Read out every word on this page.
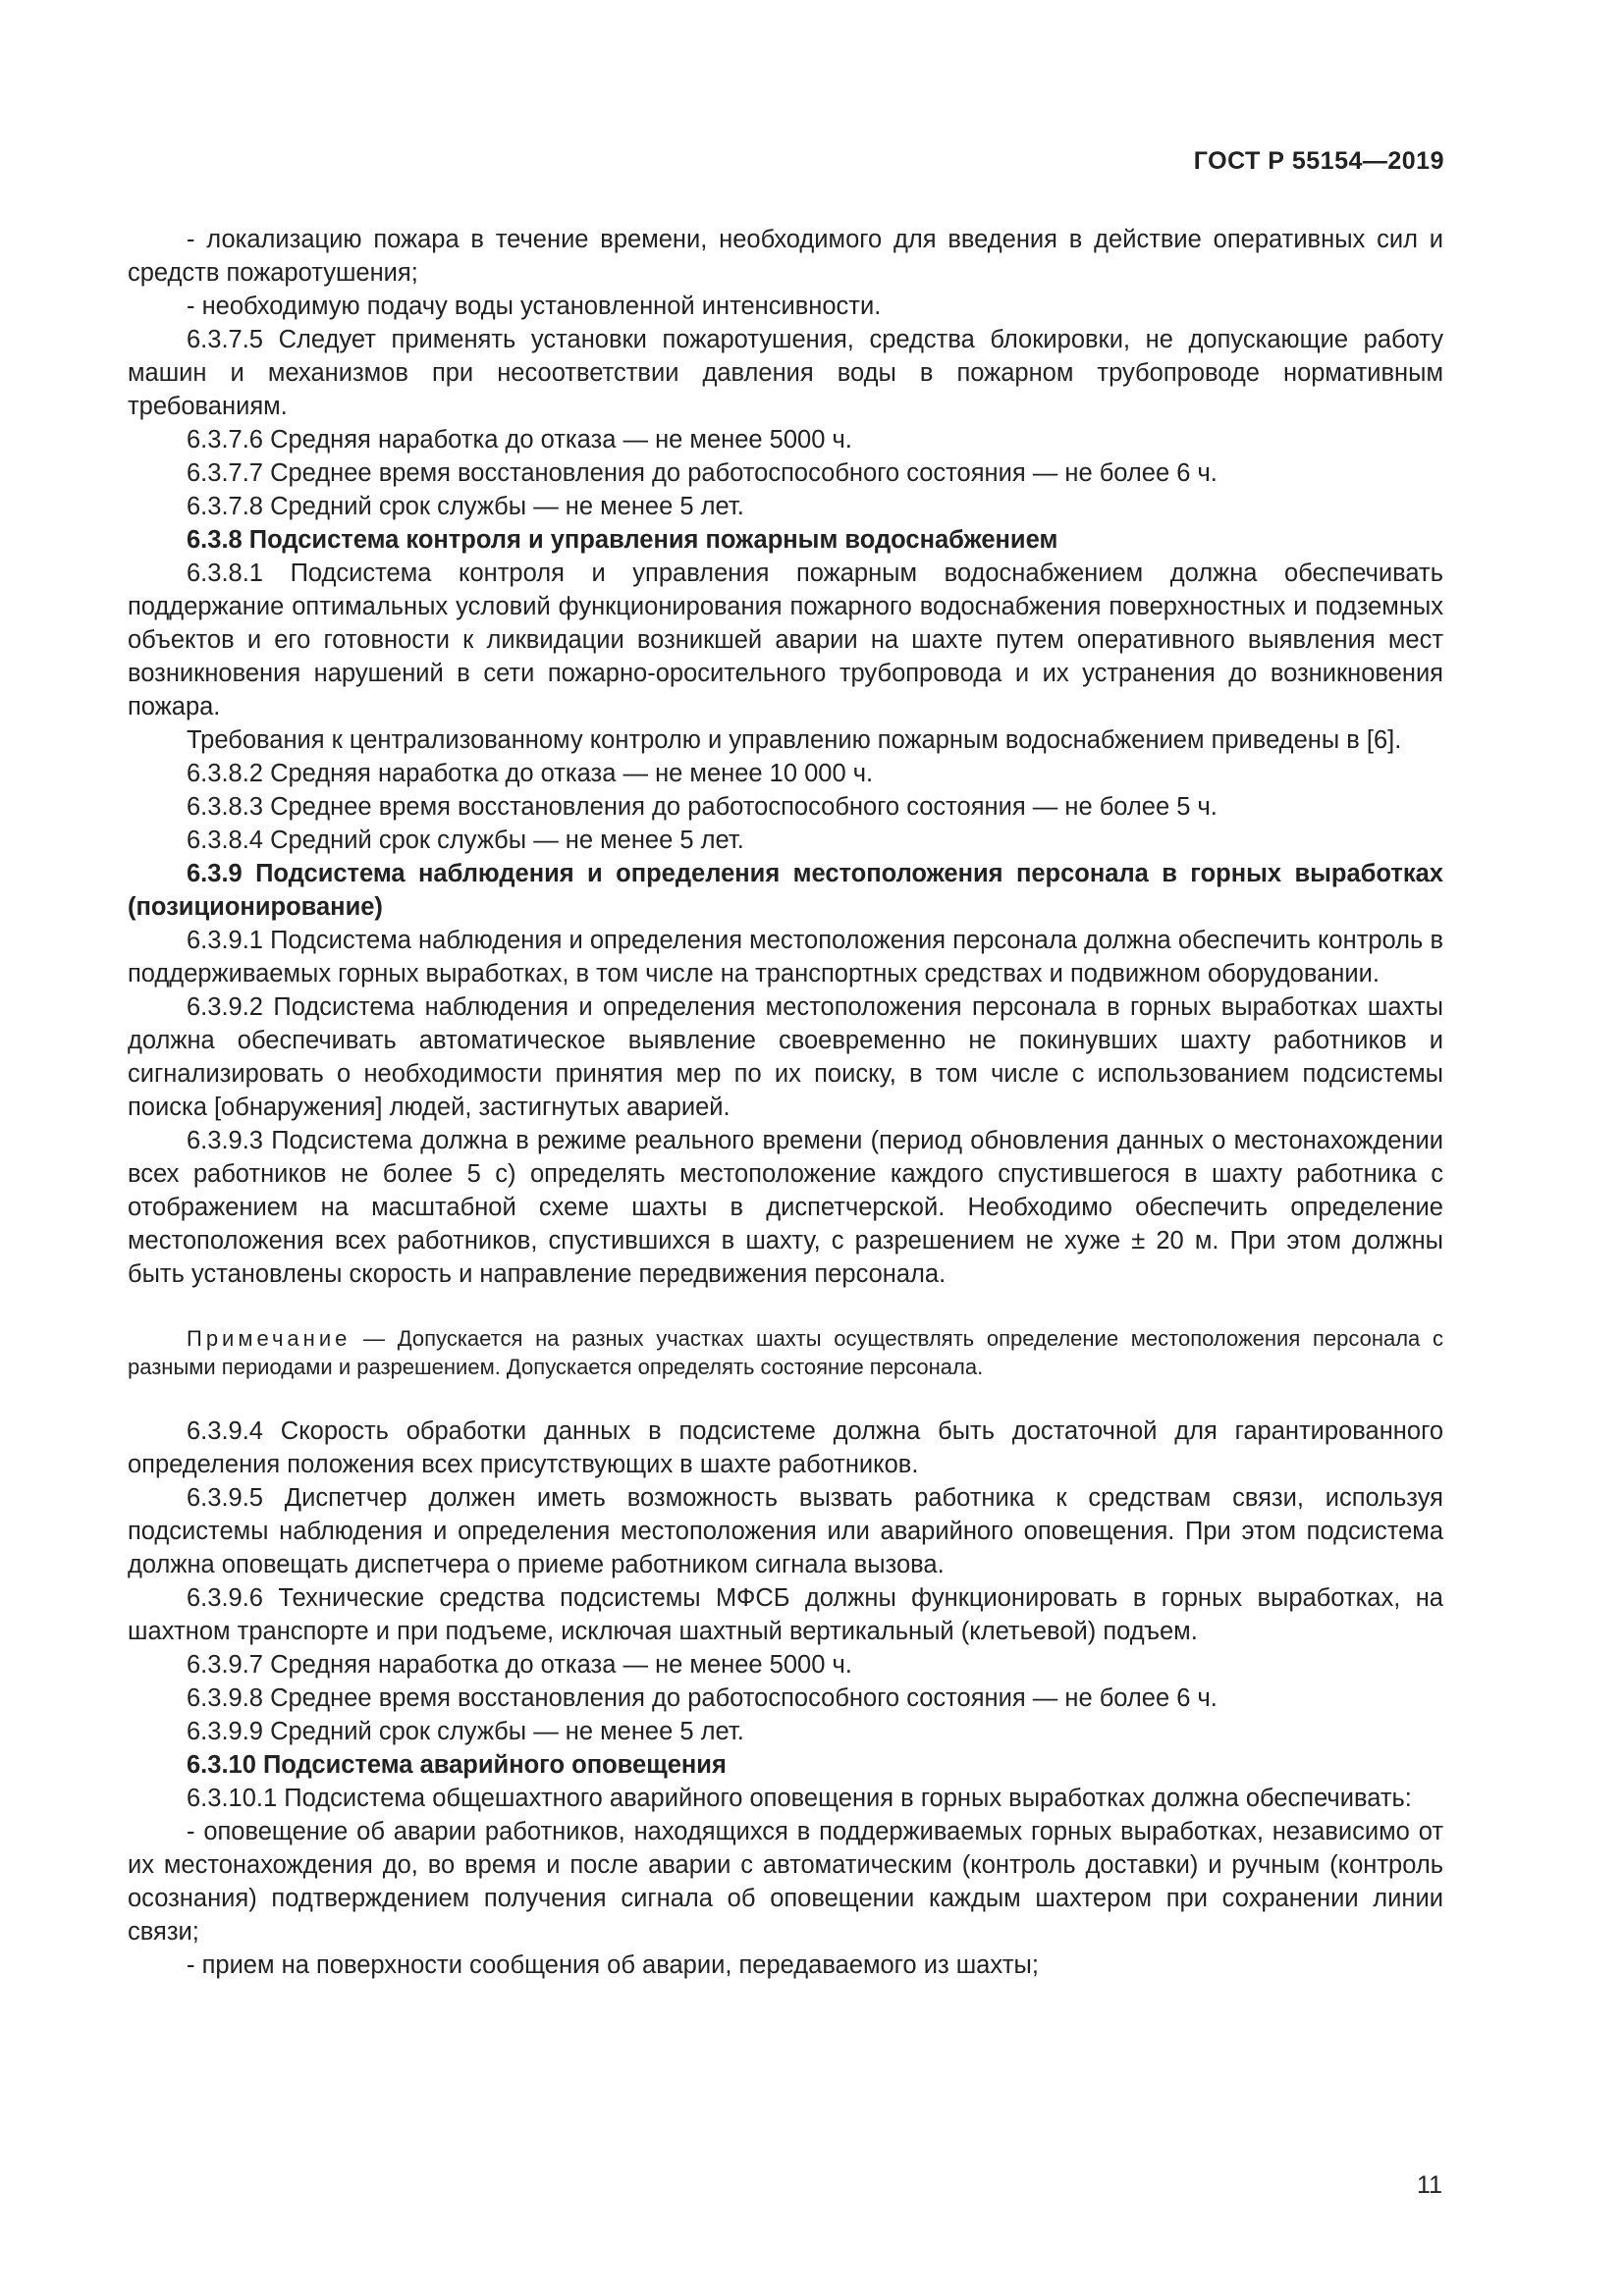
ГОСТ Р 55154—2019

- локализацию пожара в течение времени, необходимого для введения в действие оперативных сил и средств пожаротушения;

- необходимую подачу воды установленной интенсивности.

6.3.7.5 Следует применять установки пожаротушения, средства блокировки, не допускающие работу машин и механизмов при несоответствии давления воды в пожарном трубопроводе нормативным требованиям.

6.3.7.6 Средняя наработка до отказа — не менее 5000 ч.

6.3.7.7 Среднее время восстановления до работоспособного состояния — не более 6 ч.

6.3.7.8 Средний срок службы — не менее 5 лет.

6.3.8 Подсистема контроля и управления пожарным водоснабжением

6.3.8.1 Подсистема контроля и управления пожарным водоснабжением должна обеспечивать поддержание оптимальных условий функционирования пожарного водоснабжения поверхностных и подземных объектов и его готовности к ликвидации возникшей аварии на шахте путем оперативного выявления мест возникновения нарушений в сети пожарно-оросительного трубопровода и их устранения до возникновения пожара.

Требования к централизованному контролю и управлению пожарным водоснабжением приведены в [6].

6.3.8.2 Средняя наработка до отказа — не менее 10 000 ч.

6.3.8.3 Среднее время восстановления до работоспособного состояния — не более 5 ч.

6.3.8.4 Средний срок службы — не менее 5 лет.

6.3.9 Подсистема наблюдения и определения местоположения персонала в горных выработках (позиционирование)

6.3.9.1 Подсистема наблюдения и определения местоположения персонала должна обеспечить контроль в поддерживаемых горных выработках, в том числе на транспортных средствах и подвижном оборудовании.

6.3.9.2 Подсистема наблюдения и определения местоположения персонала в горных выработках шахты должна обеспечивать автоматическое выявление своевременно не покинувших шахту работников и сигнализировать о необходимости принятия мер по их поиску, в том числе с использованием подсистемы поиска [обнаружения] людей, застигнутых аварией.

6.3.9.3 Подсистема должна в режиме реального времени (период обновления данных о местонахождении всех работников не более 5 с) определять местоположение каждого спустившегося в шахту работника с отображением на масштабной схеме шахты в диспетчерской. Необходимо обеспечить определение местоположения всех работников, спустившихся в шахту, с разрешением не хуже ± 20 м. При этом должны быть установлены скорость и направление передвижения персонала.

Примечание — Допускается на разных участках шахты осуществлять определение местоположения персонала с разными периодами и разрешением. Допускается определять состояние персонала.

6.3.9.4 Скорость обработки данных в подсистеме должна быть достаточной для гарантированного определения положения всех присутствующих в шахте работников.

6.3.9.5 Диспетчер должен иметь возможность вызвать работника к средствам связи, используя подсистемы наблюдения и определения местоположения или аварийного оповещения. При этом подсистема должна оповещать диспетчера о приеме работником сигнала вызова.

6.3.9.6 Технические средства подсистемы МФСБ должны функционировать в горных выработках, на шахтном транспорте и при подъеме, исключая шахтный вертикальный (клетьевой) подъем.

6.3.9.7 Средняя наработка до отказа — не менее 5000 ч.

6.3.9.8 Среднее время восстановления до работоспособного состояния — не более 6 ч.

6.3.9.9 Средний срок службы — не менее 5 лет.

6.3.10 Подсистема аварийного оповещения

6.3.10.1 Подсистема общешахтного аварийного оповещения в горных выработках должна обеспечивать:

- оповещение об аварии работников, находящихся в поддерживаемых горных выработках, независимо от их местонахождения до, во время и после аварии с автоматическим (контроль доставки) и ручным (контроль осознания) подтверждением получения сигнала об оповещении каждым шахтером при сохранении линии связи;

- прием на поверхности сообщения об аварии, передаваемого из шахты;

11
